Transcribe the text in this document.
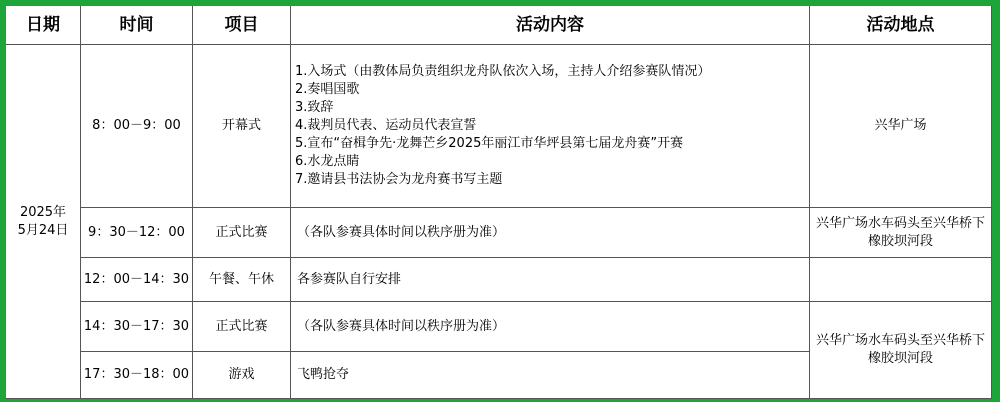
日期	时间	项目	活动内容	活动地点
2025年
5月24日
8：00－9：00	开幕式
1.入场式（由教体局负责组织龙舟队依次入场，主持人介绍参赛队情况）
2.奏唱国歌
3.致辞
4.裁判员代表、运动员代表宣誓
5.宣布“奋楫争先·龙舞芒乡2025年丽江市华坪县第七届龙舟赛”开赛
6.水龙点睛
7.邀请县书法协会为龙舟赛书写主题
兴华广场
9：30－12：00	正式比赛	（各队参赛具体时间以秩序册为准）
兴华广场水车码头至兴华桥下橡胶坝河段
12：00－14：30	午餐、午休	各参赛队自行安排
14：30－17：30	正式比赛	（各队参赛具体时间以秩序册为准）
17：30－18：00	游戏	飞鸭抢夺
兴华广场水车码头至兴华桥下橡胶坝河段
